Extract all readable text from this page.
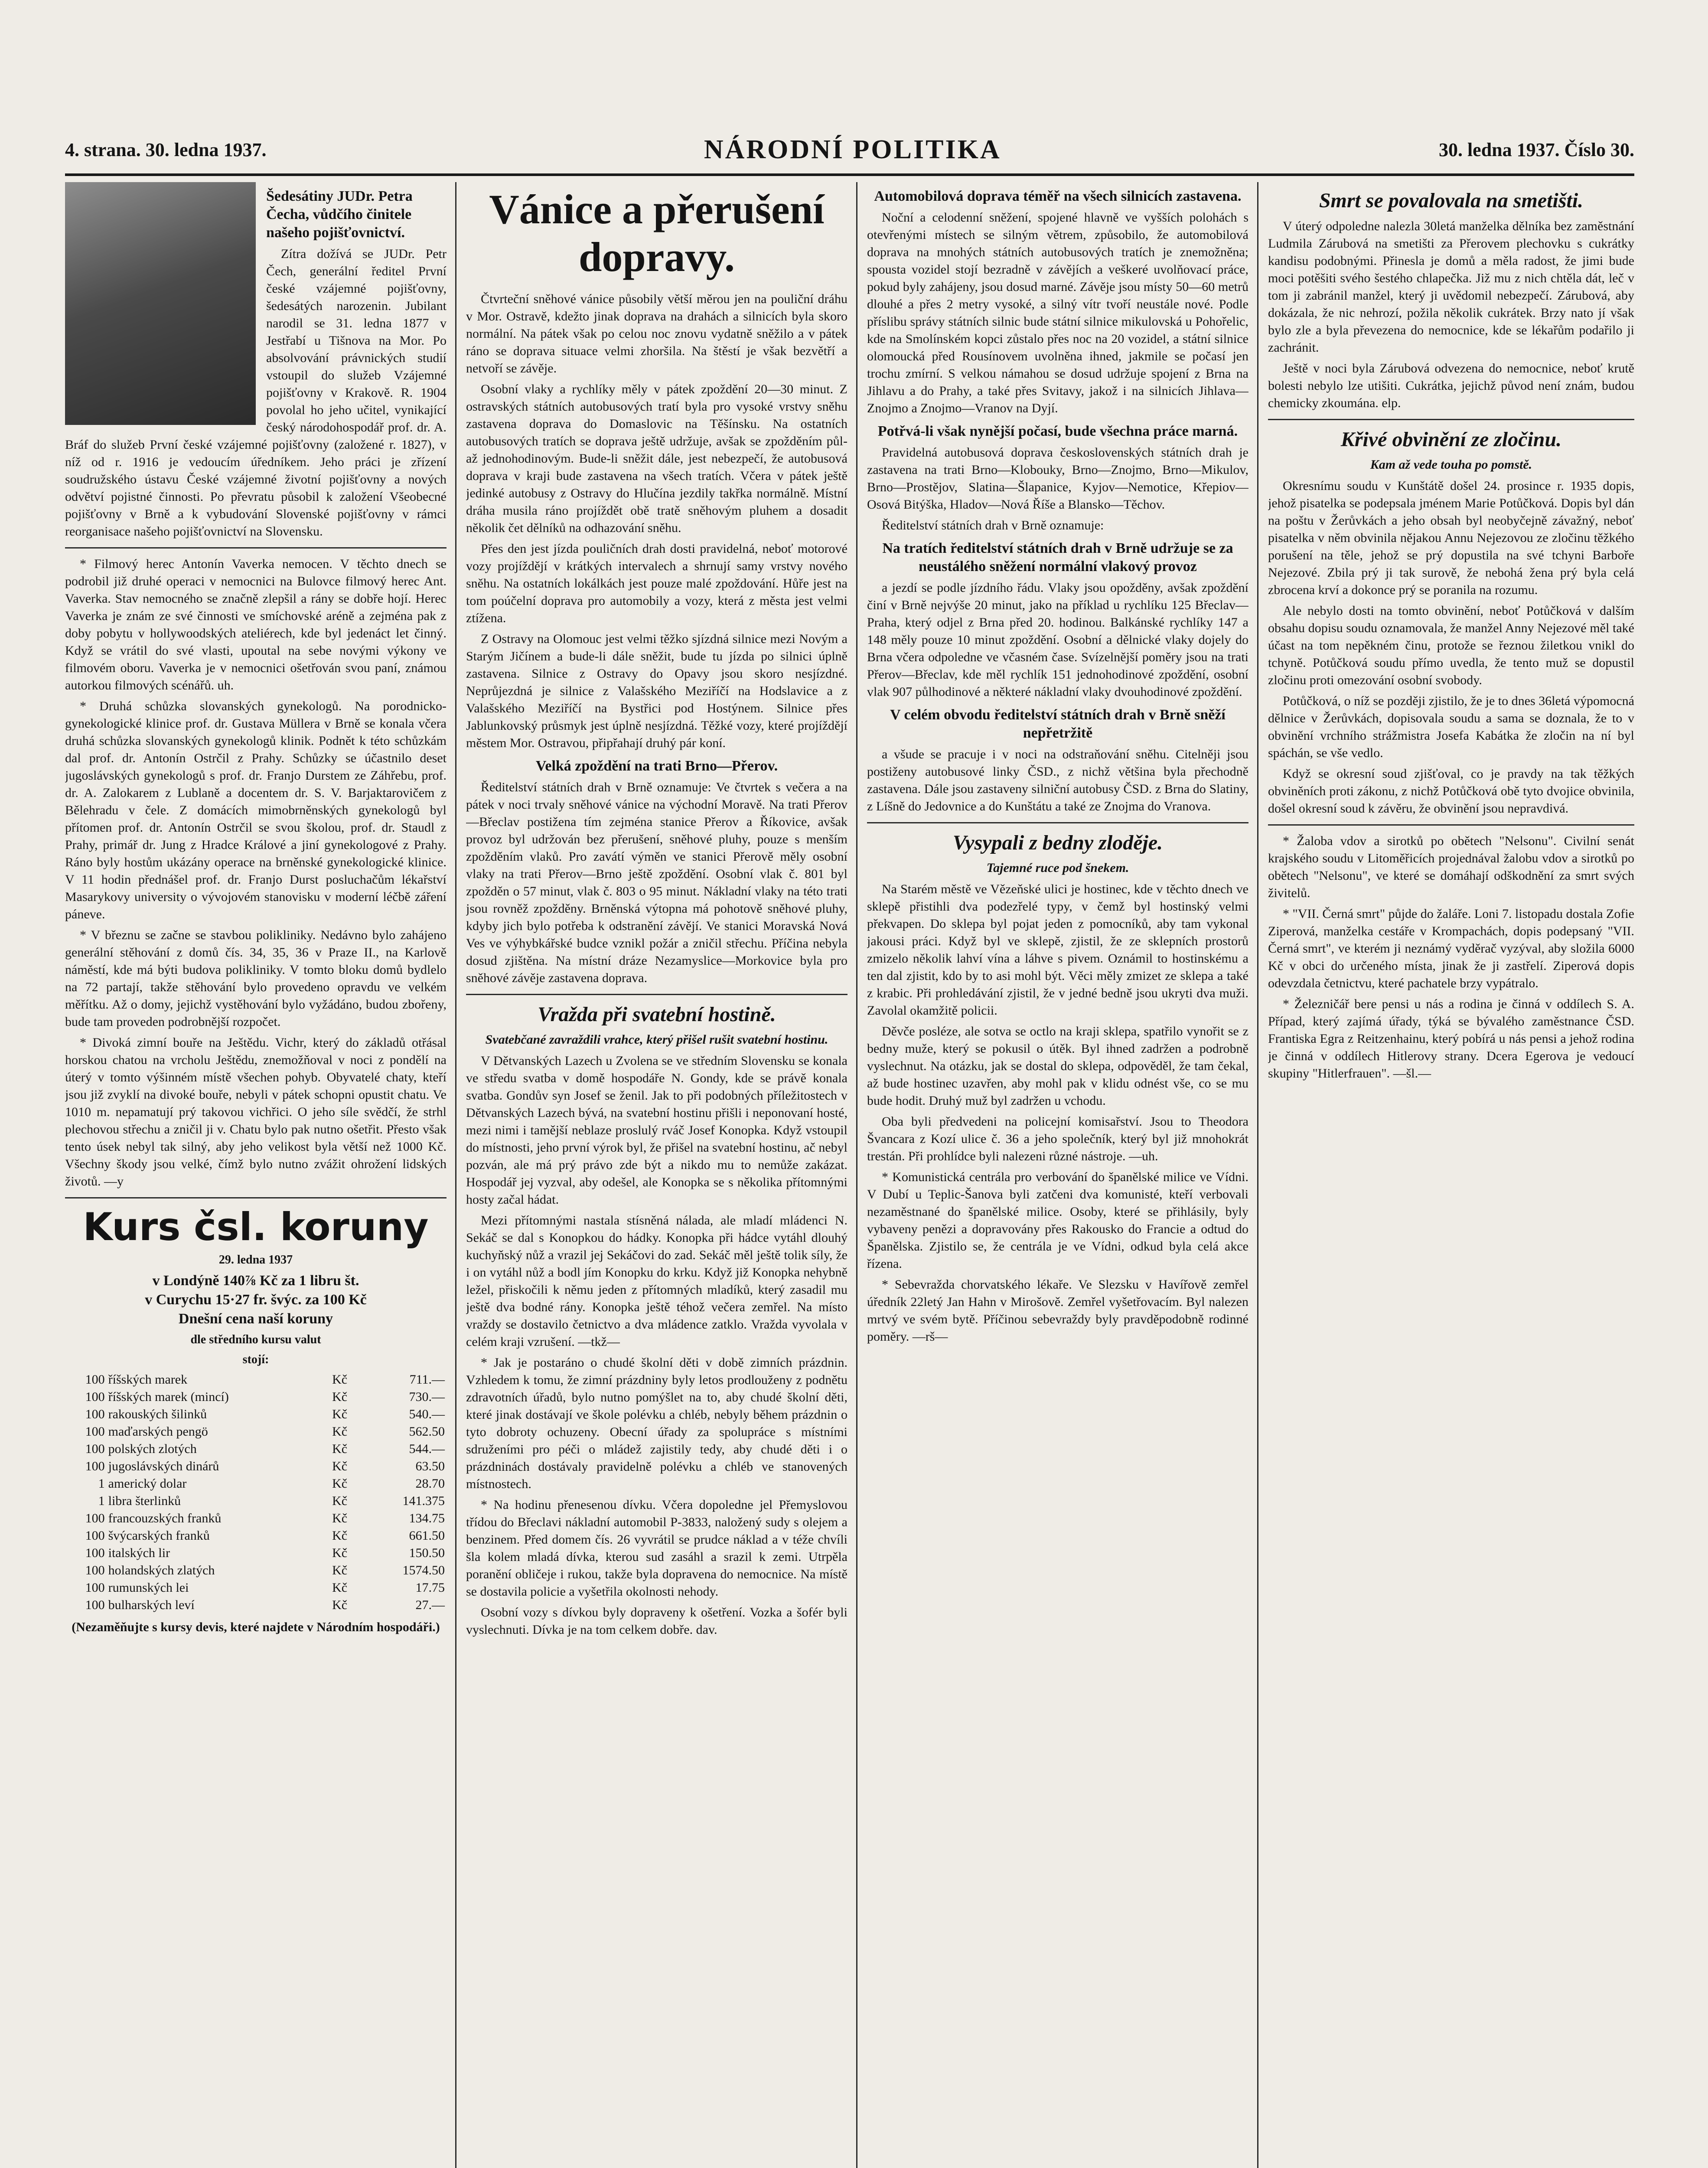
4. strana. 30. ledna 1937.	NÁRODNÍ POLITIKA	30. ledna 1937. Číslo 30.
Šedesátiny JUDr. Petra Čecha, vůdčího činitele našeho pojišťovnictví.

Zítra dožívá se JUDr. Petr Čech, generální ředitel První české vzájemné pojišťovny, šedesátých narozenin. Jubilant narodil se 31. ledna 1877 v Jestřabí u Tišnova na Mor. Po absolvování právnických studií vstoupil do služeb Vzájemné pojišťovny v Krakově. R. 1904 povolal ho jeho učitel, vynikající český národohospodář prof. dr. A. Bráf do služeb První české vzájemné pojišťovny (založené r. 1827), v níž od r. 1916 je vedoucím úředníkem. Jeho práci je zřízení soudružského ústavu České vzájemné životní pojišťovny a nových odvětví pojistné činnosti. Po převratu působil k založení Všeobecné pojišťovny v Brně a k vybudování Slovenské pojišťovny v rámci reorganisace našeho pojišťovnictví na Slovensku.

* Filmový herec Antonín Vaverka nemocen. V těchto dnech se podrobil již druhé operaci v nemocnici na Bulovce filmový herec Ant. Vaverka. Stav nemocného se značně zlepšil a rány se dobře hojí. Herec Vaverka je znám ze své činnosti ve smíchovské aréně a zejména pak z doby pobytu v hollywoodských ateliérech, kde byl jedenáct let činný. Když se vrátil do své vlasti, upoutal na sebe novými výkony ve filmovém oboru. Vaverka je v nemocnici ošetřován svou paní, známou autorkou filmových scénářů. uh.

* Druhá schůzka slovanských gynekologů. Na porodnicko-gynekologické klinice prof. dr. Gustava Müllera v Brně se konala včera druhá schůzka slovanských gynekologů klinik. Podnět k této schůzkám dal prof. dr. Antonín Ostrčil z Prahy. Schůzky se účastnilo deset jugoslávských gynekologů s prof. dr. Franjo Durstem ze Záhřebu, prof. dr. A. Zalokarem z Lublaně a docentem dr. S. V. Barjaktarovičem z Bělehradu v čele. Z domácích mimobrněnských gynekologů byl přítomen prof. dr. Antonín Ostrčil se svou školou, prof. dr. Staudl z Prahy, primář dr. Jung z Hradce Králové a jiní gynekologové z Prahy. Ráno byly hostům ukázány operace na brněnské gynekologické klinice. V 11 hodin přednášel prof. dr. Franjo Durst posluchačům lékařství Masarykovy university o vývojovém stanovisku v moderní léčbě záření páneve.

* V březnu se začne se stavbou polikliniky. Nedávno bylo zahájeno generální stěhování z domů čís. 34, 35, 36 v Praze II., na Karlově náměstí, kde má býti budova polikliniky. V tomto bloku domů bydlelo na 72 partají, takže stěhování bylo provedeno opravdu ve velkém měřítku. Až o domy, jejichž vystěhování bylo vyžádáno, budou zbořeny, bude tam proveden podrobnější rozpočet.

* Divoká zimní bouře na Ještědu. Vichr, který do základů otřásal horskou chatou na vrcholu Ještědu, znemožňoval v noci z pondělí na úterý v tomto výšinném místě všechen pohyb. Obyvatelé chaty, kteří jsou již zvyklí na divoké bouře, nebyli v pátek schopni opustit chatu. Ve 1010 m. nepamatují prý takovou vichřici. O jeho síle svědčí, že strhl plechovou střechu a zničil ji v. Chatu bylo pak nutno ošetřit. Přesto však tento úsek nebyl tak silný, aby jeho velikost byla větší než 1000 Kč. Všechny škody jsou velké, čímž bylo nutno zvážit ohrožení lidských životů. —y

Kurs čsl. koruny
29. ledna 1937
v Londýně 140⅞ Kč za 1 libru št.
v Curychu 15·27 fr. švýc. za 100 Kč
Dnešní cena naší koruny
dle středního kursu valut
stojí:
100	říšských marek	Kč	711.—
100	říšských marek (mincí)	Kč	730.—
100	rakouských šilinků	Kč	540.—
100	maďarských pengö	Kč	562.50
100	polských zlotých	Kč	544.—
100	jugoslávských dinárů	Kč	63.50
1	americký dolar	Kč	28.70
1	libra šterlinků	Kč	141.375
100	francouzských franků	Kč	134.75
100	švýcarských franků	Kč	661.50
100	italských lir	Kč	150.50
100	holandských zlatých	Kč	1574.50
100	rumunských lei	Kč	17.75
100	bulharských leví	Kč	27.—
(Nezaměňujte s kursy devis, které najdete v Národním hospodáři.)
Vánice a přerušení dopravy.

Čtvrteční sněhové vánice působily větší měrou jen na pouliční dráhu v Mor. Ostravě, kdežto jinak doprava na drahách a silnicích byla skoro normální. Na pátek však po celou noc znovu vydatně sněžilo a v pátek ráno se doprava situace velmi zhoršila. Na štěstí je však bezvětří a netvoří se závěje.

Osobní vlaky a rychlíky měly v pátek zpoždění 20—30 minut. Z ostravských státních autobusových tratí byla pro vysoké vrstvy sněhu zastavena doprava do Domaslovic na Těšínsku. Na ostatních autobusových tratích se doprava ještě udržuje, avšak se zpožděním půl- až jednohodinovým. Bude-li sněžit dále, jest nebezpečí, že autobusová doprava v kraji bude zastavena na všech tratích. Včera v pátek ještě jedinké autobusy z Ostravy do Hlučína jezdily takřka normálně. Místní dráha musila ráno projíždět obě tratě sněhovým pluhem a dosadit několik čet dělníků na odhazování sněhu.

Přes den jest jízda pouličních drah dosti pravidelná, neboť motorové vozy projíždějí v krátkých intervalech a shrnují samy vrstvy nového sněhu. Na ostatních lokálkách jest pouze malé zpoždování. Hůře jest na tom poúčelní doprava pro automobily a vozy, která z města jest velmi ztížena.

Z Ostravy na Olomouc jest velmi těžko sjízdná silnice mezi Novým a Starým Jičínem a bude-li dále sněžit, bude tu jízda po silnici úplně zastavena. Silnice z Ostravy do Opavy jsou skoro nesjízdné. Neprůjezdná je silnice z Valašského Meziříčí na Hodslavice a z Valašského Meziříčí na Bystřici pod Hostýnem. Silnice přes Jablunkovský průsmyk jest úplně nesjízdná. Těžké vozy, které projíždějí městem Mor. Ostravou, připřahají druhý pár koní.

Velká zpoždění na trati Brno—Přerov.

Ředitelství státních drah v Brně oznamuje: Ve čtvrtek s večera a na pátek v noci trvaly sněhové vánice na východní Moravě. Na trati Přerov—Břeclav postižena tím zejména stanice Přerov a Říkovice, avšak provoz byl udržován bez přerušení, sněhové pluhy, pouze s menším zpožděním vlaků. Pro zavátí výměn ve stanici Přerově měly osobní vlaky na trati Přerov—Brno ještě zpoždění. Osobní vlak č. 801 byl zpožděn o 57 minut, vlak č. 803 o 95 minut. Nákladní vlaky na této trati jsou rovněž zpožděny. Brněnská výtopna má pohotově sněhové pluhy, kdyby jich bylo potřeba k odstranění závějí. Ve stanici Moravská Nová Ves ve výhybkářské budce vznikl požár a zničil střechu. Příčina nebyla dosud zjištěna. Na místní dráze Nezamyslice—Morkovice byla pro sněhové závěje zastavena doprava.

Vražda při svatební hostině.
Svatebčané zavraždili vrahce, který přišel rušit svatební hostinu.

V Dětvanských Lazech u Zvolena se ve středním Slovensku se konala ve středu svatba v domě hospodáře N. Gondy, kde se právě konala svatba. Gondův syn Josef se ženil. Jak to při podobných příležitostech v Dětvanských Lazech bývá, na svatební hostinu přišli i neponovaní hosté, mezi nimi i tamější neblaze proslulý rváč Josef Konopka. Když vstoupil do místnosti, jeho první výrok byl, že přišel na svatební hostinu, ač nebyl pozván, ale má prý právo zde být a nikdo mu to nemůže zakázat. Hospodář jej vyzval, aby odešel, ale Konopka se s několika přítomnými hosty začal hádat.

Mezi přítomnými nastala stísněná nálada, ale mladí mládenci N. Sekáč se dal s Konopkou do hádky. Konopka při hádce vytáhl dlouhý kuchyňský nůž a vrazil jej Sekáčovi do zad. Sekáč měl ještě tolik síly, že i on vytáhl nůž a bodl jím Konopku do krku. Když již Konopka nehybně ležel, přiskočili k němu jeden z přítomných mladíků, který zasadil mu ještě dva bodné rány. Konopka ještě téhož večera zemřel. Na místo vraždy se dostavilo četnictvo a dva mládence zatklo. Vražda vyvolala v celém kraji vzrušení. —tkž—

* Jak je postaráno o chudé školní děti v době zimních prázdnin. Vzhledem k tomu, že zimní prázdniny byly letos prodlouženy z podnětu zdravotních úřadů, bylo nutno pomýšlet na to, aby chudé školní děti, které jinak dostávají ve škole polévku a chléb, nebyly během prázdnin o tyto dobroty ochuzeny. Obecní úřady za spolupráce s místními sdruženími pro péči o mládež zajistily tedy, aby chudé děti i o prázdninách dostávaly pravidelně polévku a chléb ve stanovených místnostech.

* Na hodinu přenesenou dívku. Včera dopoledne jel Přemyslovou třídou do Břeclavi nákladní automobil P-3833, naložený sudy s olejem a benzinem. Před domem čís. 26 vyvrátil se prudce náklad a v téže chvíli šla kolem mladá dívka, kterou sud zasáhl a srazil k zemi. Utrpěla poranění obličeje i rukou, takže byla dopravena do nemocnice. Na místě se dostavila policie a vyšetřila okolnosti nehody.

Osobní vozy s dívkou byly dopraveny k ošetření. Vozka a šofér byli vyslechnuti. Dívka je na tom celkem dobře. dav.

Automobilová doprava téměř na všech silnicích zastavena.

Noční a celodenní sněžení, spojené hlavně ve vyšších polohách s otevřenými místech se silným větrem, způsobilo, že automobilová doprava na mnohých státních autobusových tratích je znemožněna; spousta vozidel stojí bezradně v závějích a veškeré uvolňovací práce, pokud byly zahájeny, jsou dosud marné. Závěje jsou místy 50—60 metrů dlouhé a přes 2 metry vysoké, a silný vítr tvoří neustále nové. Podle příslibu správy státních silnic bude státní silnice mikulovská u Pohořelic, kde na Smolínském kopci zůstalo přes noc na 20 vozidel, a státní silnice olomoucká před Rousínovem uvolněna ihned, jakmile se počasí jen trochu zmírní. S velkou námahou se dosud udržuje spojení z Brna na Jihlavu a do Prahy, a také přes Svitavy, jakož i na silnicích Jihlava—Znojmo a Znojmo—Vranov na Dyjí.

Potřvá-li však nynější počasí, bude všechna práce marná.

Pravidelná autobusová doprava československých státních drah je zastavena na trati Brno—Klobouky, Brno—Znojmo, Brno—Mikulov, Brno—Prostějov, Slatina—Šlapanice, Kyjov—Nemotice, Křepiov—Osová Bitýška, Hladov—Nová Říše a Blansko—Těchov.

Ředitelství státních drah v Brně oznamuje:

Na tratích ředitelství státních drah v Brně udržuje se za neustálého sněžení normální vlakový provoz

a jezdí se podle jízdního řádu. Vlaky jsou opožděny, avšak zpoždění činí v Brně nejvýše 20 minut, jako na příklad u rychlíku 125 Břeclav—Praha, který odjel z Brna před 20. hodinou. Balkánské rychlíky 147 a 148 měly pouze 10 minut zpoždění. Osobní a dělnické vlaky dojely do Brna včera odpoledne ve včasném čase. Svízelnější poměry jsou na trati Přerov—Břeclav, kde měl rychlík 151 jednohodinové zpoždění, osobní vlak 907 půlhodinové a některé nákladní vlaky dvouhodinové zpoždění.

V celém obvodu ředitelství státních drah v Brně sněží nepřetržitě

a všude se pracuje i v noci na odstraňování sněhu. Citelněji jsou postiženy autobusové linky ČSD., z nichž většina byla přechodně zastavena. Dále jsou zastaveny silniční autobusy ČSD. z Brna do Slatiny, z Líšně do Jedovnice a do Kunštátu a také ze Znojma do Vranova.

Vysypali z bedny zloděje.
Tajemné ruce pod šnekem.

Na Starém městě ve Vězeňské ulici je hostinec, kde v těchto dnech ve sklepě přistihli dva podezřelé typy, v čemž byl hostinský velmi překvapen. Do sklepa byl pojat jeden z pomocníků, aby tam vykonal jakousi práci. Když byl ve sklepě, zjistil, že ze sklepních prostorů zmizelo několik lahví vína a láhve s pivem. Oznámil to hostinskému a ten dal zjistit, kdo by to asi mohl být. Věci měly zmizet ze sklepa a také z krabic. Při prohledávání zjistil, že v jedné bedně jsou ukryti dva muži. Zavolal okamžitě policii.

Děvče posléze, ale sotva se octlo na kraji sklepa, spatřilo vynořit se z bedny muže, který se pokusil o útěk. Byl ihned zadržen a podrobně vyslechnut. Na otázku, jak se dostal do sklepa, odpověděl, že tam čekal, až bude hostinec uzavřen, aby mohl pak v klidu odnést vše, co se mu bude hodit. Druhý muž byl zadržen u vchodu.

Oba byli předvedeni na policejní komisařství. Jsou to Theodora Švancara z Kozí ulice č. 36 a jeho společník, který byl již mnohokrát trestán. Při prohlídce byli nalezeni různé nástroje. —uh.

* Komunistická centrála pro verbování do španělské milice ve Vídni. V Dubí u Teplic-Šanova byli zatčeni dva komunisté, kteří verbovali nezaměstnané do španělské milice. Osoby, které se přihlásily, byly vybaveny penězi a dopravovány přes Rakousko do Francie a odtud do Španělska. Zjistilo se, že centrála je ve Vídni, odkud byla celá akce řízena.

* Sebevražda chorvatského lékaře. Ve Slezsku v Havířově zemřel úředník 22letý Jan Hahn v Mirošově. Zemřel vyšetřovacím. Byl nalezen mrtvý ve svém bytě. Příčinou sebevraždy byly pravděpodobně rodinné poměry. —rš—

Smrt se povalovala na smetišti.

V úterý odpoledne nalezla 30letá manželka dělníka bez zaměstnání Ludmila Zárubová na smetišti za Přerovem plechovku s cukrátky kandisu podobnými. Přinesla je domů a měla radost, že jimi bude moci potěšiti svého šestého chlapečka. Již mu z nich chtěla dát, leč v tom ji zabránil manžel, který ji uvědomil nebezpečí. Zárubová, aby dokázala, že nic nehrozí, požila několik cukrátek. Brzy nato jí však bylo zle a byla převezena do nemocnice, kde se lékařům podařilo ji zachránit.

Ještě v noci byla Zárubová odvezena do nemocnice, neboť krutě bolesti nebylo lze utišiti. Cukrátka, jejichž původ není znám, budou chemicky zkoumána. elp.

Křivé obvinění ze zločinu.
Kam až vede touha po pomstě.

Okresnímu soudu v Kunštátě došel 24. prosince r. 1935 dopis, jehož pisatelka se podepsala jménem Marie Potůčková. Dopis byl dán na poštu v Žerůvkách a jeho obsah byl neobyčejně závažný, neboť pisatelka v něm obvinila nějakou Annu Nejezovou ze zločinu těžkého porušení na těle, jehož se prý dopustila na své tchyni Barboře Nejezové. Zbila prý ji tak surově, že nebohá žena prý byla celá zbrocena krví a dokonce prý se poranila na rozumu.

Ale nebylo dosti na tomto obvinění, neboť Potůčková v dalším obsahu dopisu soudu oznamovala, že manžel Anny Nejezové měl také účast na tom nepěkném činu, protože se řeznou žiletkou vnikl do tchyně. Potůčková soudu přímo uvedla, že tento muž se dopustil zločinu proti omezování osobní svobody.

Potůčková, o níž se později zjistilo, že je to dnes 36letá výpomocná dělnice v Žerůvkách, dopisovala soudu a sama se doznala, že to v obvinění vrchního strážmistra Josefa Kabátka že zločin na ní byl spáchán, se vše vedlo.

Když se okresní soud zjišťoval, co je pravdy na tak těžkých obviněních proti zákonu, z nichž Potůčková obě tyto dvojice obvinila, došel okresní soud k závěru, že obvinění jsou nepravdivá.

* Žaloba vdov a sirotků po obětech "Nelsonu". Civilní senát krajského soudu v Litoměřicích projednával žalobu vdov a sirotků po obětech "Nelsonu", ve které se domáhají odškodnění za smrt svých živitelů.

* "VII. Černá smrt" půjde do žaláře. Loni 7. listopadu dostala Zofie Ziperová, manželka cestáře v Krompachách, dopis podepsaný "VII. Černá smrt", ve kterém ji neznámý vyděrač vyzýval, aby složila 6000 Kč v obci do určeného místa, jinak že ji zastřelí. Ziperová dopis odevzdala četnictvu, které pachatele brzy vypátralo.

* Železničář bere pensi u nás a rodina je činná v oddílech S. A. Případ, který zajímá úřady, týká se bývalého zaměstnance ČSD. Frantiska Egra z Reitzenhainu, který pobírá u nás pensi a jehož rodina je činná v oddílech Hitlerovy strany. Dcera Egerova je vedoucí skupiny "Hitlerfrauen". —šl.—
